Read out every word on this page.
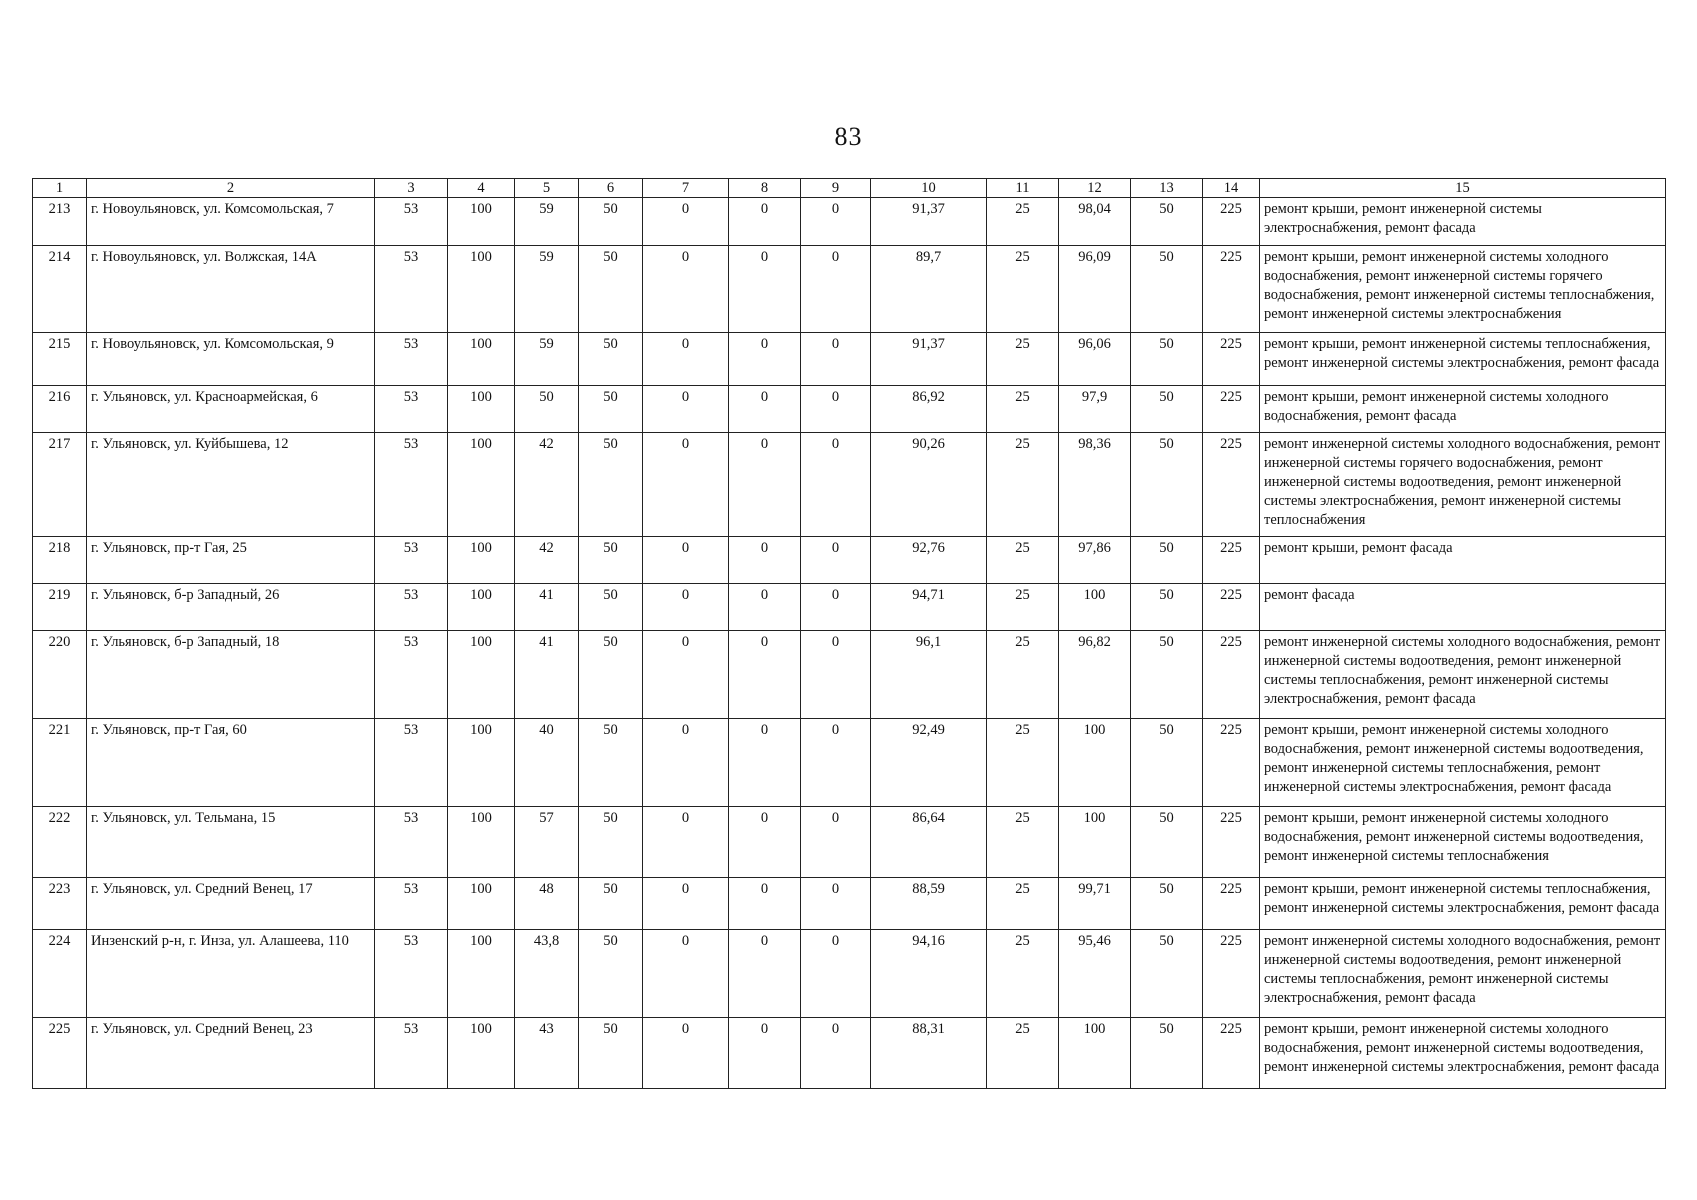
83
1	2	3	4	5	6	7	8	9	10	11	12	13	14	15
213	г. Новоульяновск, ул. Комсомольская, 7	53	100	59	50	0	0	0	91,37	25	98,04	50	225	ремонт крыши, ремонт инженерной системы электроснабжения, ремонт фасада
214	г. Новоульяновск, ул. Волжская, 14А	53	100	59	50	0	0	0	89,7	25	96,09	50	225	ремонт крыши, ремонт инженерной системы холодного водоснабжения, ремонт инженерной системы горячего водоснабжения, ремонт инженерной системы теплоснабжения, ремонт инженерной системы электроснабжения
215	г. Новоульяновск, ул. Комсомольская, 9	53	100	59	50	0	0	0	91,37	25	96,06	50	225	ремонт крыши, ремонт инженерной системы теплоснабжения, ремонт инженерной системы электроснабжения, ремонт фасада
216	г. Ульяновск, ул. Красноармейская, 6	53	100	50	50	0	0	0	86,92	25	97,9	50	225	ремонт крыши, ремонт инженерной системы холодного водоснабжения, ремонт фасада
217	г. Ульяновск, ул. Куйбышева, 12	53	100	42	50	0	0	0	90,26	25	98,36	50	225	ремонт инженерной системы холодного водоснабжения, ремонт инженерной системы горячего водоснабжения, ремонт инженерной системы водоотведения, ремонт инженерной системы электроснабжения, ремонт инженерной системы теплоснабжения
218	г. Ульяновск, пр-т Гая, 25	53	100	42	50	0	0	0	92,76	25	97,86	50	225	ремонт крыши, ремонт фасада
219	г. Ульяновск, б-р Западный, 26	53	100	41	50	0	0	0	94,71	25	100	50	225	ремонт фасада
220	г. Ульяновск, б-р Западный, 18	53	100	41	50	0	0	0	96,1	25	96,82	50	225	ремонт инженерной системы холодного водоснабжения, ремонт инженерной системы водоотведения, ремонт инженерной системы теплоснабжения, ремонт инженерной системы электроснабжения, ремонт фасада
221	г. Ульяновск, пр-т Гая, 60	53	100	40	50	0	0	0	92,49	25	100	50	225	ремонт крыши, ремонт инженерной системы холодного водоснабжения, ремонт инженерной системы водоотведения, ремонт инженерной системы теплоснабжения, ремонт инженерной системы электроснабжения, ремонт фасада
222	г. Ульяновск, ул. Тельмана, 15	53	100	57	50	0	0	0	86,64	25	100	50	225	ремонт крыши, ремонт инженерной системы холодного водоснабжения, ремонт инженерной системы водоотведения, ремонт инженерной системы теплоснабжения
223	г. Ульяновск, ул. Средний Венец, 17	53	100	48	50	0	0	0	88,59	25	99,71	50	225	ремонт крыши, ремонт инженерной системы теплоснабжения, ремонт инженерной системы электроснабжения, ремонт фасада
224	Инзенский р-н, г. Инза, ул. Алашеева, 110	53	100	43,8	50	0	0	0	94,16	25	95,46	50	225	ремонт инженерной системы холодного водоснабжения, ремонт инженерной системы водоотведения, ремонт инженерной системы теплоснабжения, ремонт инженерной системы электроснабжения, ремонт фасада
225	г. Ульяновск, ул. Средний Венец, 23	53	100	43	50	0	0	0	88,31	25	100	50	225	ремонт крыши, ремонт инженерной системы холодного водоснабжения, ремонт инженерной системы водоотведения, ремонт инженерной системы электроснабжения, ремонт фасада
